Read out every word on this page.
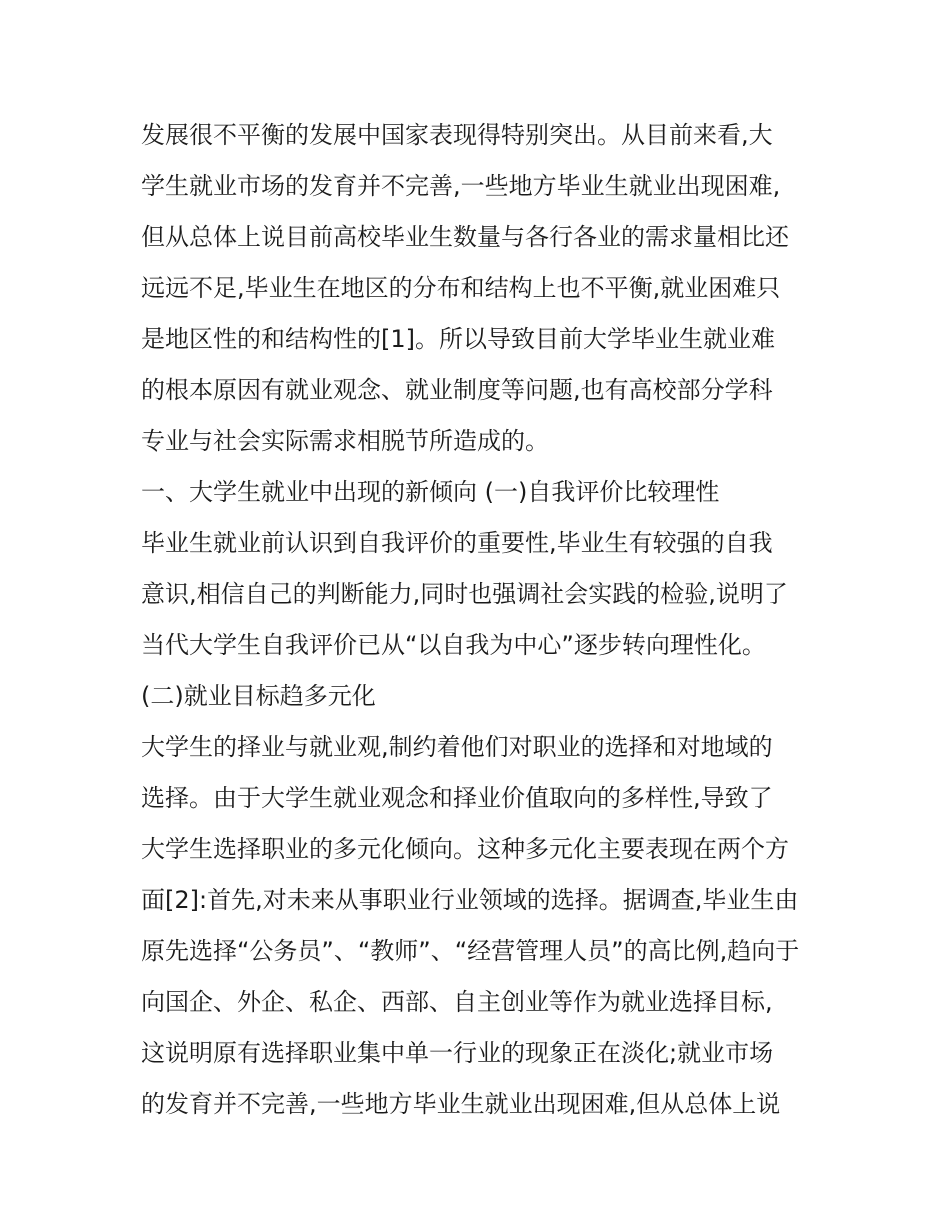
发展很不平衡的发展中国家表现得特别突出。从目前来看,大
学生就业市场的发育并不完善,一些地方毕业生就业出现困难,
但从总体上说目前高校毕业生数量与各行各业的需求量相比还
远远不足,毕业生在地区的分布和结构上也不平衡,就业困难只
是地区性的和结构性的[1]。所以导致目前大学毕业生就业难
的根本原因有就业观念、就业制度等问题,也有高校部分学科
专业与社会实际需求相脱节所造成的。
一、大学生就业中出现的新倾向 (一)自我评价比较理性
毕业生就业前认识到自我评价的重要性,毕业生有较强的自我
意识,相信自己的判断能力,同时也强调社会实践的检验,说明了
当代大学生自我评价已从“以自我为中心”逐步转向理性化。
(二)就业目标趋多元化
大学生的择业与就业观,制约着他们对职业的选择和对地域的
选择。由于大学生就业观念和择业价值取向的多样性,导致了
大学生选择职业的多元化倾向。这种多元化主要表现在两个方
面[2]:首先,对未来从事职业行业领域的选择。据调查,毕业生由
原先选择“公务员”、“教师”、“经营管理人员”的高比例,趋向于
向国企、外企、私企、西部、自主创业等作为就业选择目标,
这说明原有选择职业集中单一行业的现象正在淡化;就业市场
的发育并不完善,一些地方毕业生就业出现困难,但从总体上说
